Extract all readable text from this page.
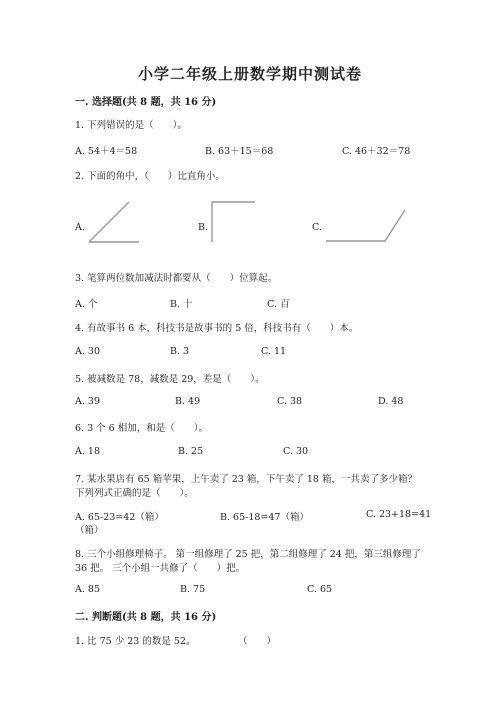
小学二年级上册数学期中测试卷
一. 选择题(共 8 题，共 16 分)
1. 下列错误的是（　　）。
A. 54＋4＝58	B. 63＋15＝68	C. 46＋32＝78
2. 下面的角中，（　　）比直角小。
A.	B.	C.
3. 笔算两位数加减法时都要从（　　）位算起。
A. 个	B. 十	C. 百
4. 有故事书 6 本，科技书是故事书的 5 倍，科技书有（　　）本。
A. 30	B. 3	C. 11
5. 被减数是 78，减数是 29，差是（　　）。
A. 39	B. 49	C. 38	D. 48
6. 3 个 6 相加，和是（　　）。
A. 18	B. 25	C. 30
7. 某水果店有 65 箱苹果，上午卖了 23 箱，下午卖了 18 箱，一共卖了多少箱？
下列列式正确的是（　　）。
A. 65-23=42（箱）
（箱）
B. 65-18=47（箱）	C. 23+18=41
8. 三个小组修理椅子。 第一组修理了 25 把，第二组修理了 24 把，第三组修理了
36 把。 三个小组一共修了（　　）把。
A. 85	B. 75	C. 65
二. 判断题(共 8 题，共 16 分)
1. 比 75 少 23 的数是 52。	（　　）
